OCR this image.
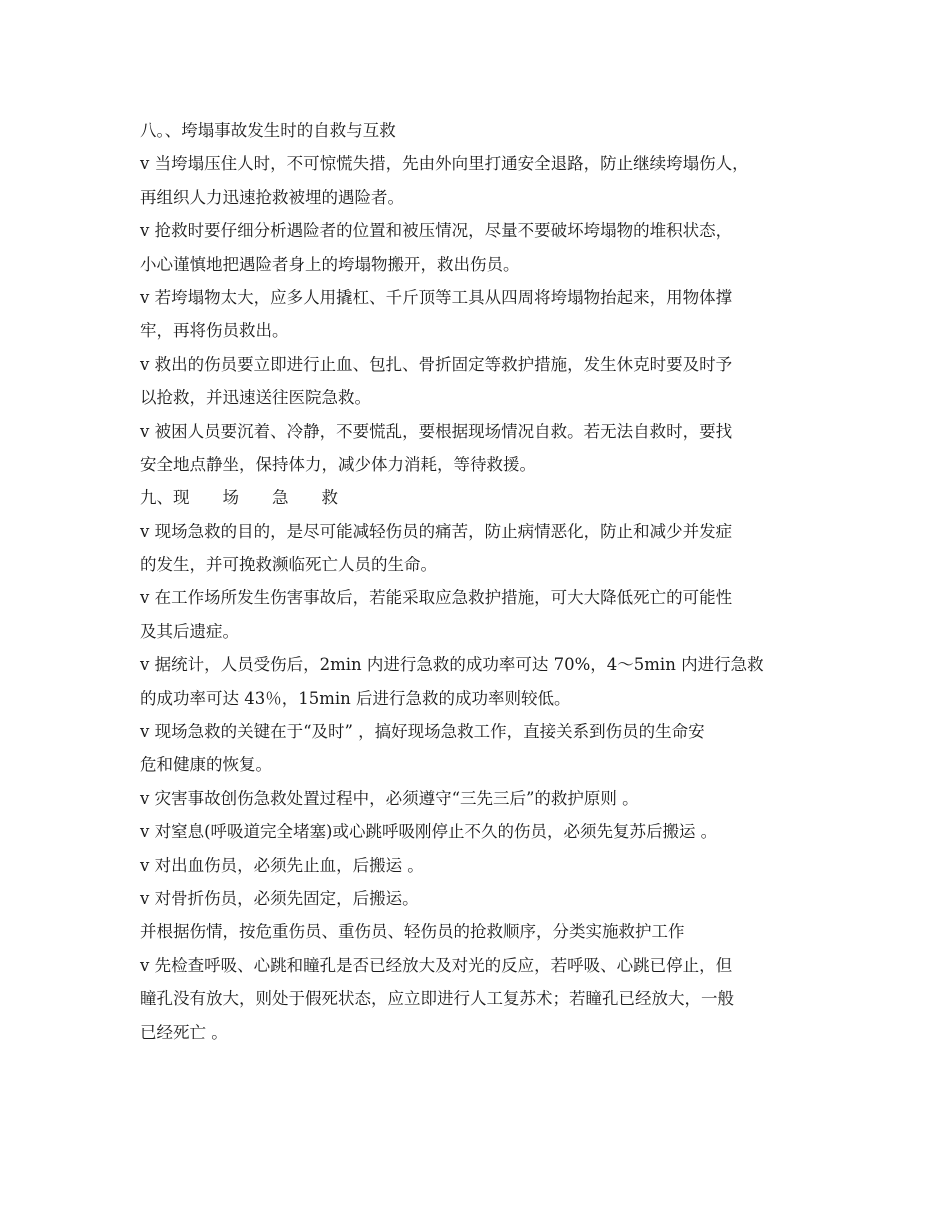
八。、垮塌事故发生时的自救与互救
v 当垮塌压住人时，不可惊慌失措，先由外向里打通安全退路，防止继续垮塌伤人，
再组织人力迅速抢救被埋的遇险者。
v 抢救时要仔细分析遇险者的位置和被压情况，尽量不要破坏垮塌物的堆积状态，
小心谨慎地把遇险者身上的垮塌物搬开，救出伤员。
v 若垮塌物太大，应多人用撬杠、千斤顶等工具从四周将垮塌物抬起来，用物体撑
牢，再将伤员救出。
v 救出的伤员要立即进行止血、包扎、骨折固定等救护措施，发生休克时要及时予
以抢救，并迅速送往医院急救。
v 被困人员要沉着、冷静，不要慌乱，要根据现场情况自救。若无法自救时，要找
安全地点静坐，保持体力，减少体力消耗，等待救援。
九、现　　场　　急　　救
v 现场急救的目的，是尽可能减轻伤员的痛苦，防止病情恶化，防止和减少并发症
的发生，并可挽救濒临死亡人员的生命。
v 在工作场所发生伤害事故后，若能采取应急救护措施，可大大降低死亡的可能性
及其后遗症。
v 据统计，人员受伤后，2min 内进行急救的成功率可达 70%，4～5min 内进行急救
的成功率可达 43％，15min 后进行急救的成功率则较低。
v 现场急救的关键在于“及时” ，搞好现场急救工作，直接关系到伤员的生命安
危和健康的恢复。
v 灾害事故创伤急救处置过程中，必须遵守“三先三后”的救护原则 。
v 对窒息(呼吸道完全堵塞)或心跳呼吸刚停止不久的伤员，必须先复苏后搬运 。
v 对出血伤员，必须先止血，后搬运 。
v 对骨折伤员，必须先固定，后搬运。
并根据伤情，按危重伤员、重伤员、轻伤员的抢救顺序，分类实施救护工作
v 先检查呼吸、心跳和瞳孔是否已经放大及对光的反应，若呼吸、心跳已停止，但
瞳孔没有放大，则处于假死状态，应立即进行人工复苏术；若瞳孔已经放大，一般
已经死亡 。
